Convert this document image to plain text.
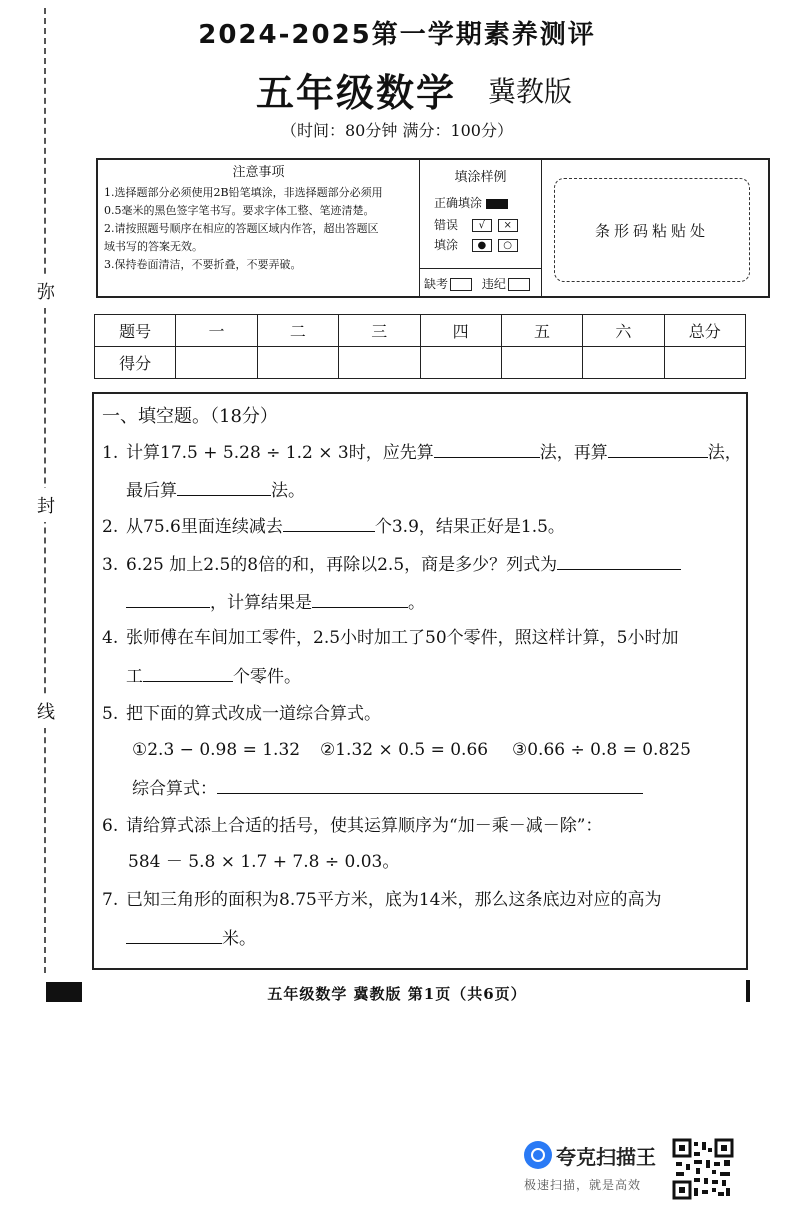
弥
封
线
2024-2025第一学期素养测评
五年级数学 冀教版
（时间：80分钟 满分：100分）
注意事项
1.选择题部分必须使用2B铅笔填涂，非选择题部分必须用
0.5毫米的黑色签字笔书写。要求字体工整、笔迹清楚。
2.请按照题号顺序在相应的答题区域内作答，超出答题区
域书写的答案无效。
3.保持卷面清洁，不要折叠，不要弄破。
填涂样例
正确填涂
错误 √ ×
填涂 ● ○
缺考	违纪
条形码粘贴处
题号	一	二	三	四	五	六	总分
得分							
一、填空题。（18分）
1. 计算17.5 + 5.28 ÷ 1.2 × 3时，应先算	法，再算	法，
最后算	法。
2. 从75.6里面连续减去	个3.9，结果正好是1.5。
3. 6.25 加上2.5的8倍的和，再除以2.5，商是多少？列式为
，计算结果是	。
4. 张师傅在车间加工零件，2.5小时加工了50个零件，照这样计算，5小时加
工	个零件。
5. 把下面的算式改成一道综合算式。
①2.3 − 0.98 = 1.32 ②1.32 × 0.5 = 0.66 ③0.66 ÷ 0.8 = 0.825
综合算式：
6. 请给算式添上合适的括号，使其运算顺序为“加－乘－减－除”：
584 － 5.8 × 1.7 + 7.8 ÷ 0.03。
7. 已知三角形的面积为8.75平方米，底为14米，那么这条底边对应的高为
米。
五年级数学 冀教版 第1页（共6页）
夸克扫描王
极速扫描，就是高效
